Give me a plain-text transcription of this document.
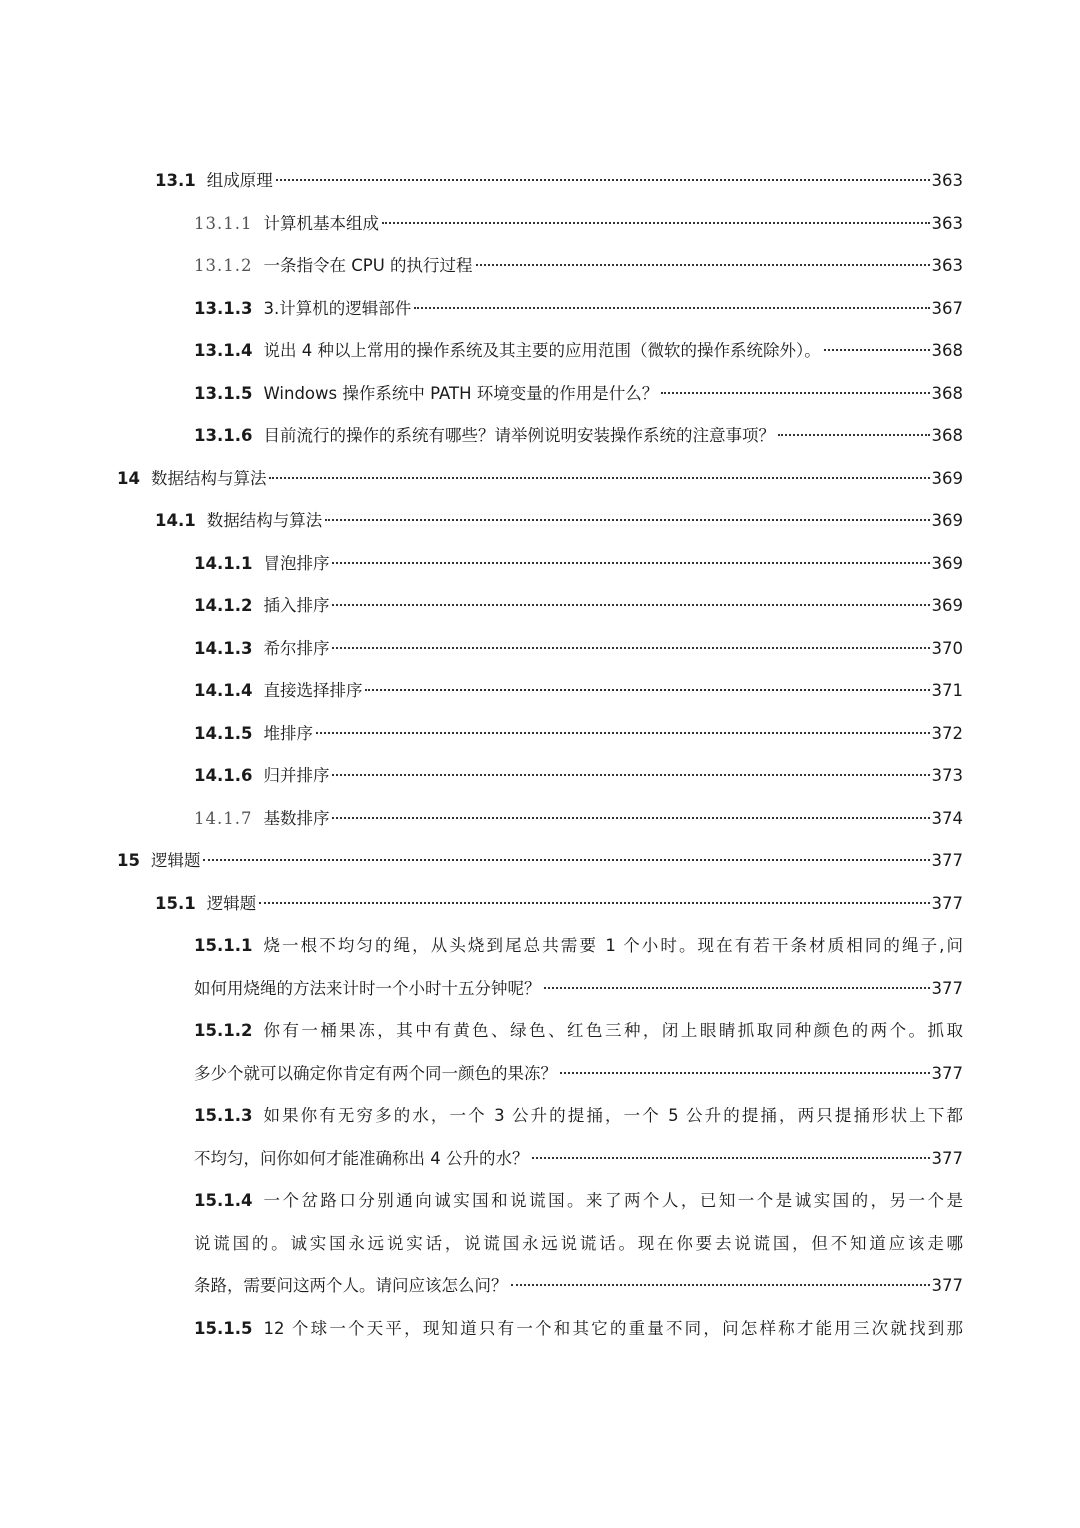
13.1 组成原理	363
13.1.1 计算机基本组成	363
13.1.2 一条指令在 CPU 的执行过程	363
13.1.3 3.计算机的逻辑部件	367
13.1.4 说出 4 种以上常用的操作系统及其主要的应用范围（微软的操作系统除外）。	368
13.1.5 Windows 操作系统中 PATH 环境变量的作用是什么？	368
13.1.6 目前流行的操作的系统有哪些？请举例说明安装操作系统的注意事项？	368
14 数据结构与算法	369
14.1 数据结构与算法	369
14.1.1 冒泡排序	369
14.1.2 插入排序	369
14.1.3 希尔排序	370
14.1.4 直接选择排序	371
14.1.5 堆排序	372
14.1.6 归并排序	373
14.1.7 基数排序	374
15 逻辑题	377
15.1 逻辑题	377
15.1.1 烧一根不均匀的绳，从头烧到尾总共需要 1 个小时。现在有若干条材质相同的绳子,问
如何用烧绳的方法来计时一个小时十五分钟呢？	377
15.1.2 你有一桶果冻，其中有黄色、绿色、红色三种，闭上眼睛抓取同种颜色的两个。抓取
多少个就可以确定你肯定有两个同一颜色的果冻？	377
15.1.3 如果你有无穷多的水，一个 3 公升的提捅，一个 5 公升的提捅，两只提捅形状上下都
不均匀，问你如何才能准确称出 4 公升的水？	377
15.1.4 一个岔路口分别通向诚实国和说谎国。来了两个人，已知一个是诚实国的，另一个是
说谎国的。诚实国永远说实话，说谎国永远说谎话。现在你要去说谎国，但不知道应该走哪
条路，需要问这两个人。请问应该怎么问？	377
15.1.5 12 个球一个天平，现知道只有一个和其它的重量不同，问怎样称才能用三次就找到那
